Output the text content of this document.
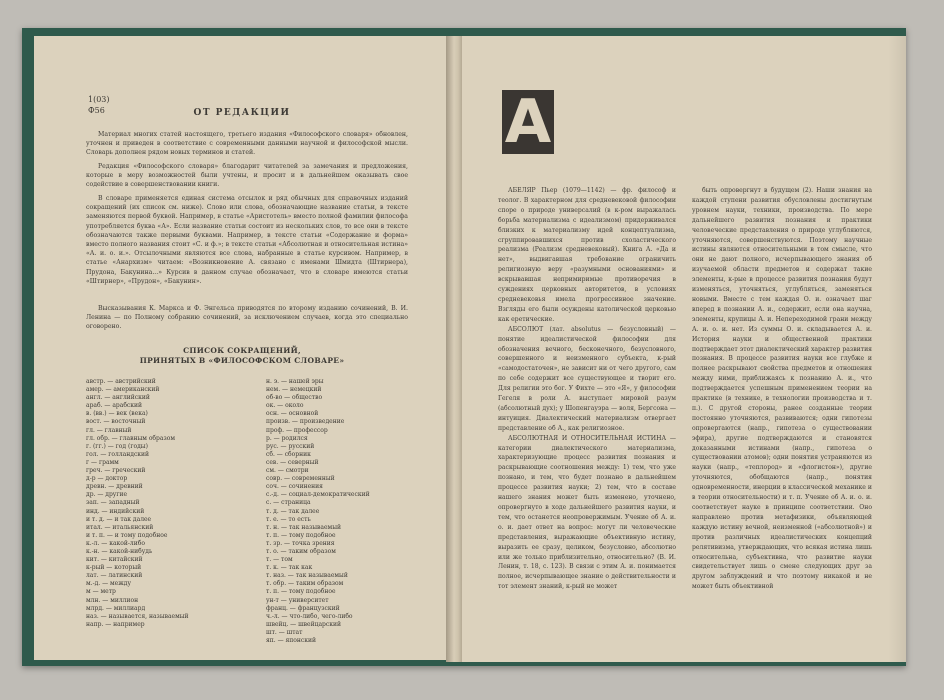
1(03)
Ф56	ОТ РЕДАКЦИИ

Материал многих статей настоящего, третьего издания «Философского словаря» обновлен, уточнен и приведен в соответствие с современными данными научной и философской мысли. Словарь дополнен рядом новых терминов и статей.

Редакция «Философского словаря» благодарит читателей за замечания и предложения, которые в меру возможностей были учтены, и просит и в дальнейшем оказывать свое содействие в совершенствовании книги.

В словаре применяется единая система отсылок и ряд обычных для справочных изданий сокращений (их список см. ниже). Слово или слова, обозначающие название статьи, в тексте заменяются первой буквой. Например, в статье «Аристотель» вместо полной фамилии философа употребляется буква «А». Если название статьи состоит из нескольких слов, то все они в тексте обозначаются также первыми буквами. Например, в тексте статьи «Содержание и форма» вместо полного названия стоит «С. и ф.»; в тексте статьи «Абсолютная и относительная истина» «А. и. о. и.». Отсылочными являются все слова, набранные в статье курсивом. Например, в статье «Анархизм» читаем: «Возникновение А. связано с именами Шмидта (Штирнера), Прудона, Бакунина...» Курсив в данном случае обозначает, что в словаре имеются статьи «Штирнер», «Прудон», «Бакунин».

Высказывания К. Маркса и Ф. Энгельса приводятся по второму изданию сочинений, В. И. Ленина — по Полному собранию сочинений, за исключением случаев, когда это специально оговорено.

СПИСОК СОКРАЩЕНИЙ,
ПРИНЯТЫХ В «ФИЛОСОФСКОМ СЛОВАРЕ»
австр. — австрийский
амер. — американский
англ. — английский
араб. — арабский
в. (вв.) — век (века)
вост. — восточный
гл. — главный
гл. обр. — главным образом
г. (гг.) — год (годы)
гол. — голландский
г — грамм
греч. — греческий
д-р — доктор
древн. — древний
др. — другие
зап. — западный
инд. — индийский
и т. д. — и так далее
итал. — итальянский
и т. п. — и тому подобное
к.-л. — какой-либо
к.-н. — какой-нибудь
кит. — китайский
к-рый — который
лат. — латинский
м.-д. — между
м — метр
млн. — миллион
млрд. — миллиард
наз. — называется, называемый
напр. — например
н. э. — нашей эры
нем. — немецкий
об-во — общество
ок. — около
осн. — основной
произв. — произведение
проф. — профессор
р. — родился
рус. — русский
сб. — сборник
сев. — северный
см. — смотри
совр. — современный
соч. — сочинения
с.-д. — социал-демократический
с. — страница
т. д. — так далее
т. е. — то есть
т. н. — так называемый
т. п. — тому подобное
т. зр. — точка зрения
т. о. — таким образом
т. — том
т. к. — так как
т. наз. — так называемый
т. обр. — таким образом
т. п. — тому подобное
ун-т — университет
франц. — французский
ч.-л. — что-либо, чего-либо
швейц. — швейцарский
шт. — штат
яп. — японский
А

АБЕЛЯР Пьер (1079—1142) — фр. философ и теолог. В характерном для средневековой философии споре о природе универсалий (в к-ром выражалась борьба материализма с идеализмом) придерживался близких к материализму идей концептуализма, сгруппировавшихся против схоластического реализма (Реализм средневековый). Книга А. «Да и нет», выдвигавшая требование ограничить религиозную веру «разумными основаниями» и вскрывавшая непримиримые противоречия в суждениях церковных авторитетов, в условиях средневековья имела прогрессивное значение. Взгляды его были осуждены католической церковью как еретические.

АБСОЛЮТ (лат. absolutus — безусловный) — понятие идеалистической философии для обозначения вечного, бесконечного, безусловного, совершенного и неизменного субъекта, к-рый «самодостаточен», не зависит ни от чего другого, сам по себе содержит все существующее и творит его. Для религии это бог. У Фихте — это «Я», у философии Гегеля в роли А. выступает мировой разум (абсолютный дух); у Шопенгауэра — воля, Бергсона — интуиция. Диалектический материализм отвергает представление об А., как религиозное.

АБСОЛЮТНАЯ И ОТНОСИТЕЛЬНАЯ ИСТИНА — категории диалектического материализма, характеризующие процесс развития познания и раскрывающие соотношения между: 1) тем, что уже познано, и тем, что будет познано в дальнейшем процессе развития науки; 2) тем, что в составе нашего знания может быть изменено, уточнено, опровергнуто в ходе дальнейшего развития науки, и тем, что останется неопровержимым. Учение об А. и. о. и. дает ответ на вопрос: могут ли человеческие представления, выражающие объективную истину, выразить ее сразу, целиком, безусловно, абсолютно или же только приблизительно, относительно? (В. И. Ленин, т. 18, с. 123). В связи с этим А. и. понимается полное, исчерпывающее знание о действительности и тот элемент знаний, к-рый не может

быть опровергнут в будущем (2). Наши знания на каждой ступени развития обусловлены достигнутым уровнем науки, техники, производства. По мере дальнейшего развития познания и практики человеческие представления о природе углубляются, уточняются, совершенствуются. Поэтому научные истины являются относительными в том смысле, что они не дают полного, исчерпывающего знания об изучаемой области предметов и содержат такие элементы, к-рые в процессе развития познания будут изменяться, уточняться, углубляться, заменяться новыми. Вместе с тем каждая О. и. означает шаг вперед в познании А. и., содержит, если она научна, элементы, крупицы А. и. Непереходимой грани между А. и. о. и. нет. Из суммы О. и. складывается А. и. История науки и общественной практики подтверждает этот диалектический характер развития познания. В процессе развития науки все глубже и полнее раскрывают свойства предметов и отношения между ними, приближаясь к познанию А. и., что подтверждается успешным применением теории на практике (в технике, в технологии производства и т. п.). С другой стороны, ранее созданные теории постоянно уточняются, развиваются; одни гипотезы опровергаются (напр., гипотеза о существовании эфира), другие подтверждаются и становятся доказанными истинами (напр., гипотеза о существовании атомов); одни понятия устраняются из науки (напр., «теплород» и «флогистон»), другие уточняются, обобщаются (напр., понятия одновременности, инерции в классической механике и в теории относительности) и т. п. Учение об А. и. о. и. соответствует науке в принципе соответствии. Оно направлено против метафизики, объявляющей каждую истину вечной, неизменной («абсолютной») и против различных идеалистических концепций релятивизма, утверждающих, что всякая истина лишь относительна, субъективна, что развитие науки свидетельствует лишь о смене следующих друг за другом заблуждений и что поэтому никакой и не может быть объективной
